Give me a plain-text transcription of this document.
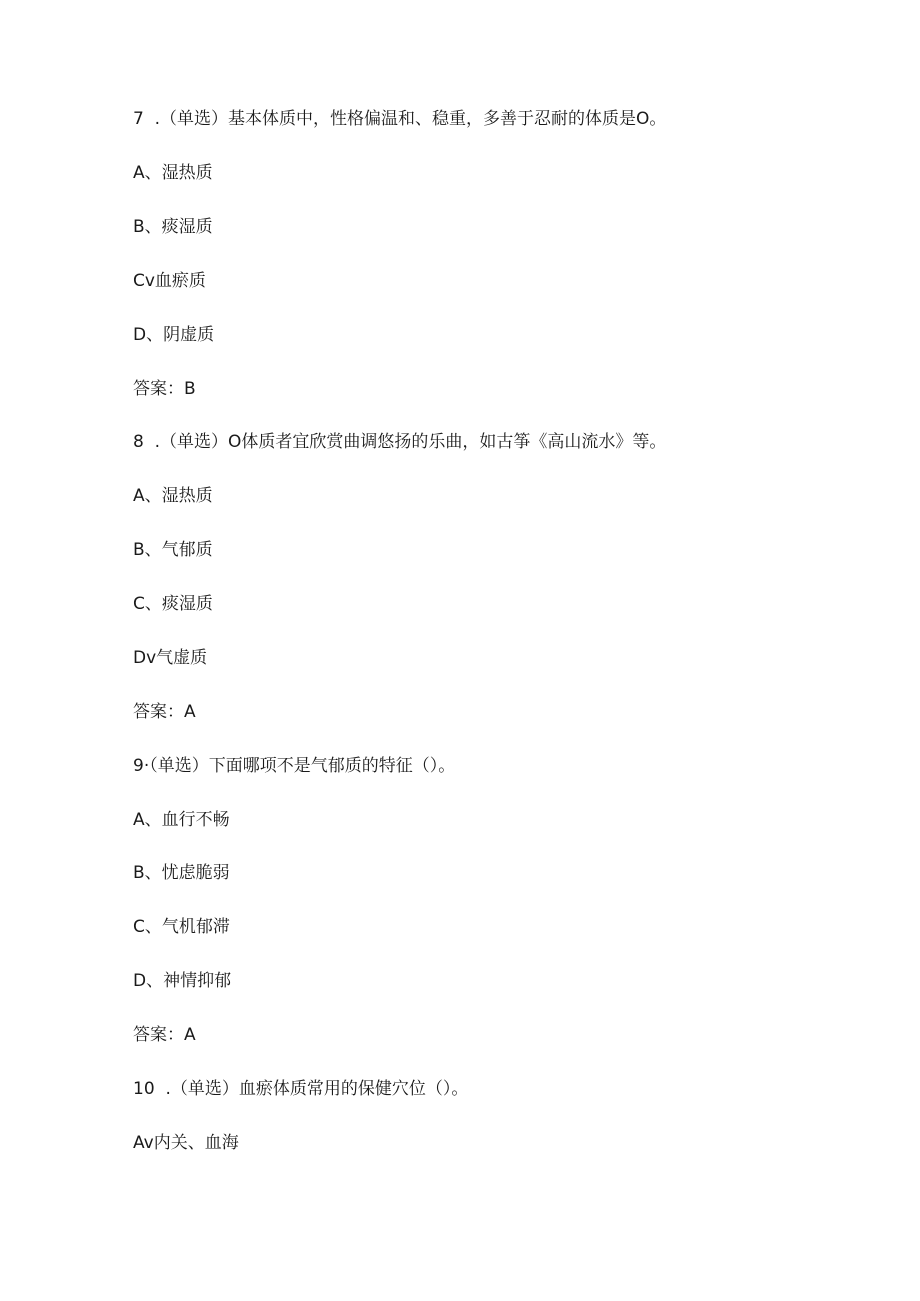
7  .（单选）基本体质中，性格偏温和、稳重，多善于忍耐的体质是O。
A、湿热质
B、痰湿质
Cv血瘀质
D、阴虚质
答案：B
8  .（单选）O体质者宜欣赏曲调悠扬的乐曲，如古筝《高山流水》等。
A、湿热质
B、气郁质
C、痰湿质
Dv气虚质
答案：A
9·（单选）下面哪项不是气郁质的特征（）。
A、血行不畅
B、忧虑脆弱
C、气机郁滞
D、神情抑郁
答案：A
10  .（单选）血瘀体质常用的保健穴位（）。
Av内关、血海
